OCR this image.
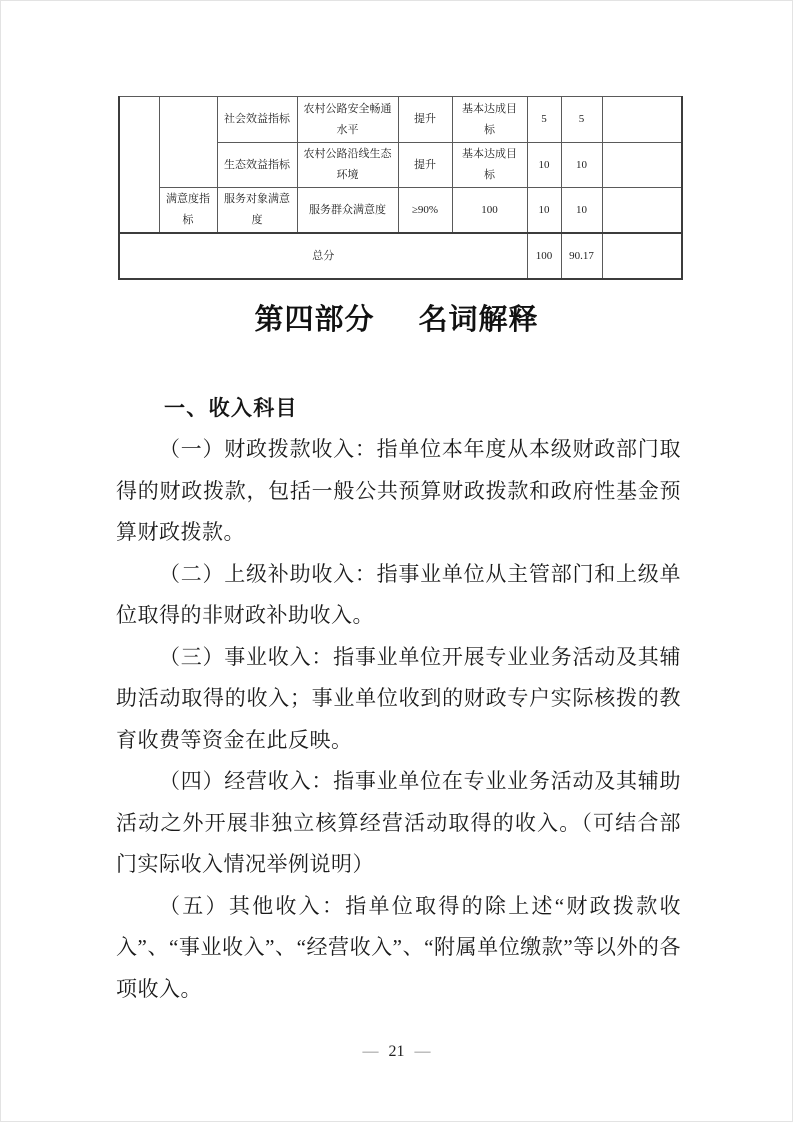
		社会效益指标	农村公路安全畅通水平	提升	基本达成目标	5	5	
		生态效益指标	农村公路沿线生态环境	提升	基本达成目标	10	10	
	满意度指标	服务对象满意度	服务群众满意度	≥90%	100	10	10	
总分						100	90.17	
第四部分 名词解释
一、收入科目

（一）财政拨款收入：指单位本年度从本级财政部门取得的财政拨款，包括一般公共预算财政拨款和政府性基金预算财政拨款。

（二）上级补助收入：指事业单位从主管部门和上级单位取得的非财政补助收入。

（三）事业收入：指事业单位开展专业业务活动及其辅助活动取得的收入；事业单位收到的财政专户实际核拨的教育收费等资金在此反映。

（四）经营收入：指事业单位在专业业务活动及其辅助活动之外开展非独立核算经营活动取得的收入。（可结合部门实际收入情况举例说明）

（五）其他收入：指单位取得的除上述“财政拨款收入”、“事业收入”、“经营收入”、“附属单位缴款”等以外的各项收入。

— 21 —
